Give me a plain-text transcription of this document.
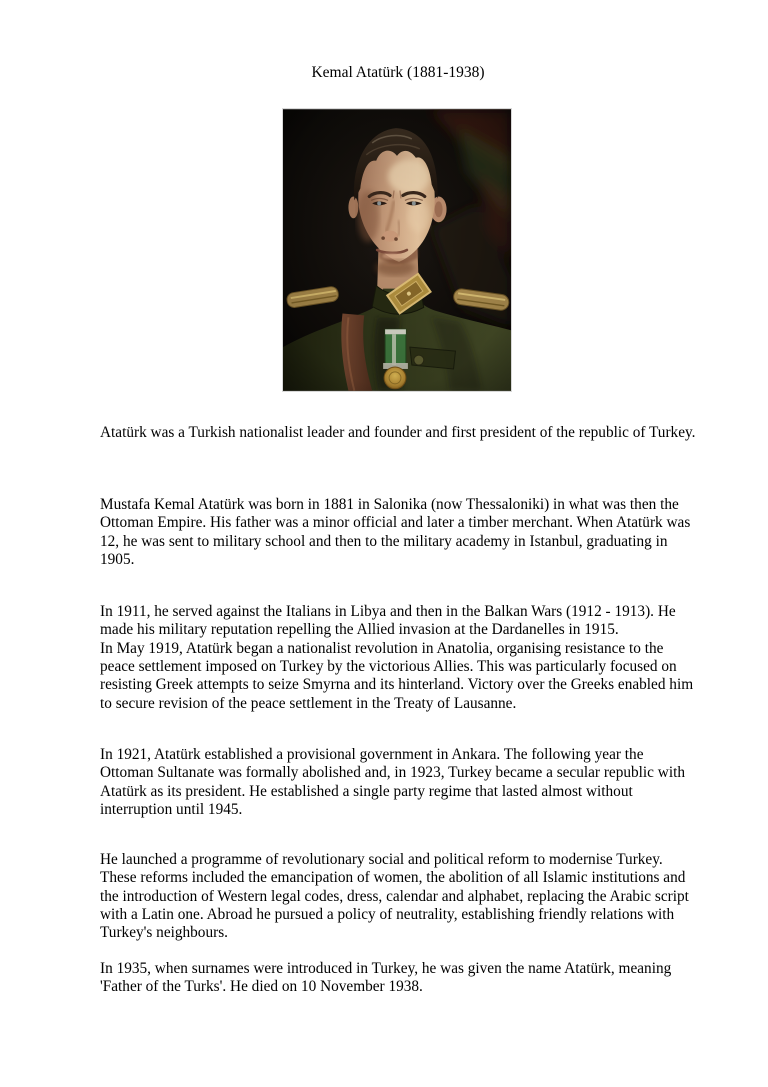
Kemal Atatürk (1881-1938)
Atatürk was a Turkish nationalist leader and founder and first president of the republic of Turkey.
Mustafa Kemal Atatürk was born in 1881 in Salonika (now Thessaloniki) in what was then the Ottoman Empire. His father was a minor official and later a timber merchant. When Atatürk was 12, he was sent to military school and then to the military academy in Istanbul, graduating in 1905.
In 1911, he served against the Italians in Libya and then in the Balkan Wars (1912 - 1913). He made his military reputation repelling the Allied invasion at the Dardanelles in 1915.
In May 1919, Atatürk began a nationalist revolution in Anatolia, organising resistance to the peace settlement imposed on Turkey by the victorious Allies. This was particularly focused on resisting Greek attempts to seize Smyrna and its hinterland. Victory over the Greeks enabled him to secure revision of the peace settlement in the Treaty of Lausanne.
In 1921, Atatürk established a provisional government in Ankara. The following year the Ottoman Sultanate was formally abolished and, in 1923, Turkey became a secular republic with Atatürk as its president. He established a single party regime that lasted almost without interruption until 1945.
He launched a programme of revolutionary social and political reform to modernise Turkey. These reforms included the emancipation of women, the abolition of all Islamic institutions and the introduction of Western legal codes, dress, calendar and alphabet, replacing the Arabic script with a Latin one. Abroad he pursued a policy of neutrality, establishing friendly relations with Turkey's neighbours.
In 1935, when surnames were introduced in Turkey, he was given the name Atatürk, meaning 'Father of the Turks'. He died on 10 November 1938.
